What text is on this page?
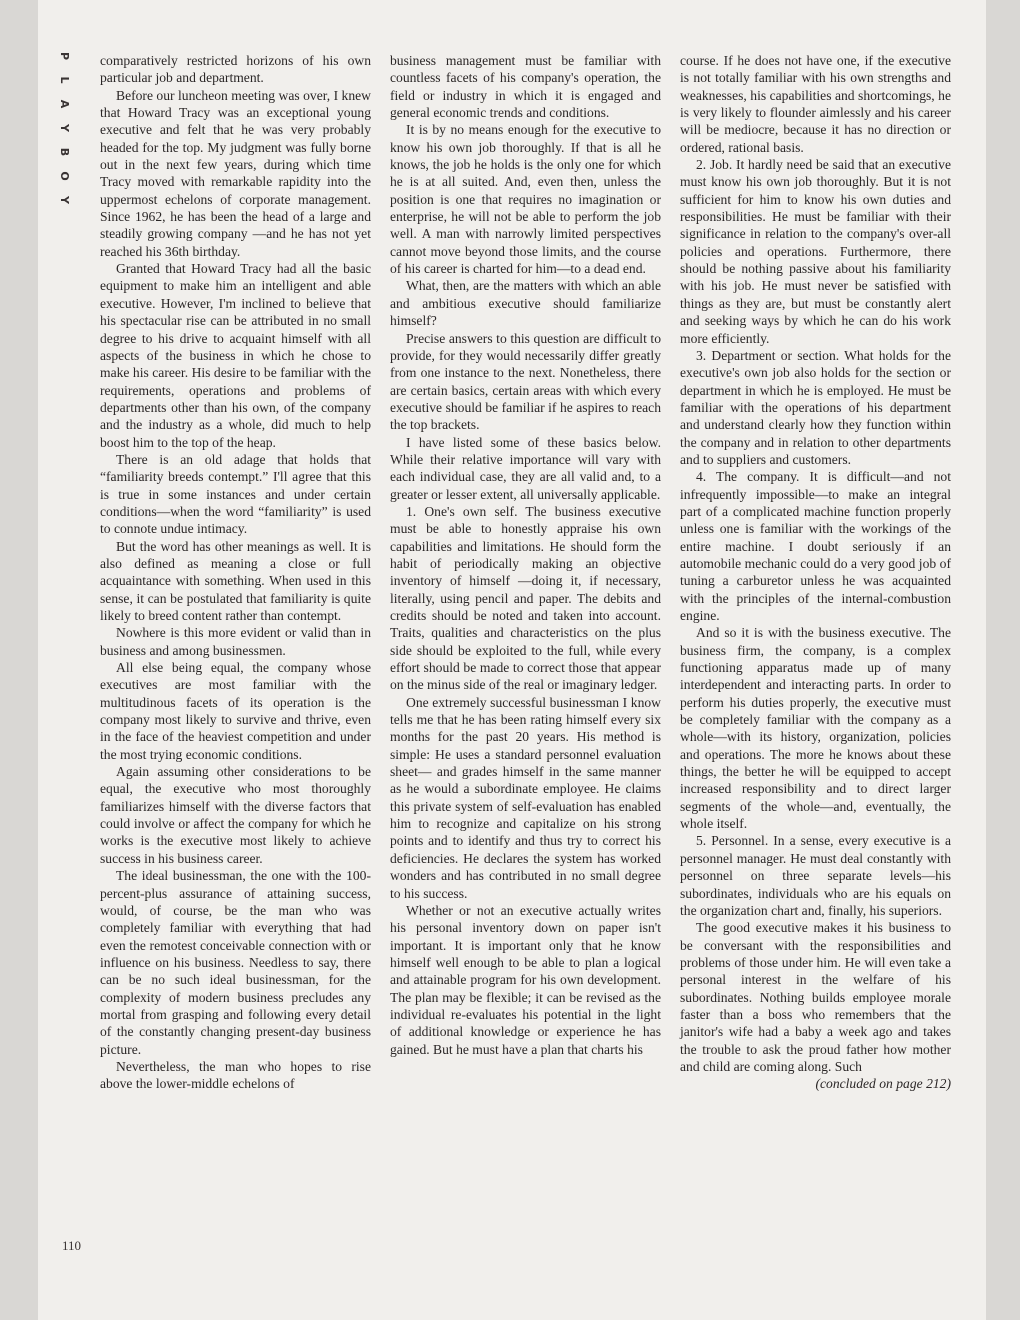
P
L
A
Y
B
O
Y

comparatively restricted horizons of his own particular job and department.

Before our luncheon meeting was over, I knew that Howard Tracy was an exceptional young executive and felt that he was very probably headed for the top. My judgment was fully borne out in the next few years, during which time Tracy moved with remarkable rapidity into the uppermost echelons of corporate management. Since 1962, he has been the head of a large and steadily growing company —and he has not yet reached his 36th birthday.

Granted that Howard Tracy had all the basic equipment to make him an intelligent and able executive. However, I'm inclined to believe that his spectacular rise can be attributed in no small degree to his drive to acquaint himself with all aspects of the business in which he chose to make his career. His desire to be familiar with the requirements, operations and problems of departments other than his own, of the company and the industry as a whole, did much to help boost him to the top of the heap.

There is an old adage that holds that “familiarity breeds contempt.” I'll agree that this is true in some instances and under certain conditions—when the word “familiarity” is used to connote undue intimacy.

But the word has other meanings as well. It is also defined as meaning a close or full acquaintance with something. When used in this sense, it can be postulated that familiarity is quite likely to breed content rather than contempt.

Nowhere is this more evident or valid than in business and among businessmen.

All else being equal, the company whose executives are most familiar with the multitudinous facets of its operation is the company most likely to survive and thrive, even in the face of the heaviest competition and under the most trying economic conditions.

Again assuming other considerations to be equal, the executive who most thoroughly familiarizes himself with the diverse factors that could involve or affect the company for which he works is the executive most likely to achieve success in his business career.

The ideal businessman, the one with the 100-percent-plus assurance of attaining success, would, of course, be the man who was completely familiar with everything that had even the remotest conceivable connection with or influence on his business. Needless to say, there can be no such ideal businessman, for the complexity of modern business precludes any mortal from grasping and following every detail of the constantly changing present-day business picture.

Nevertheless, the man who hopes to rise above the lower-middle echelons of

business management must be familiar with countless facets of his company's operation, the field or industry in which it is engaged and general economic trends and conditions.

It is by no means enough for the executive to know his own job thoroughly. If that is all he knows, the job he holds is the only one for which he is at all suited. And, even then, unless the position is one that requires no imagination or enterprise, he will not be able to perform the job well. A man with narrowly limited perspectives cannot move beyond those limits, and the course of his career is charted for him—to a dead end.

What, then, are the matters with which an able and ambitious executive should familiarize himself?

Precise answers to this question are difficult to provide, for they would necessarily differ greatly from one instance to the next. Nonetheless, there are certain basics, certain areas with which every executive should be familiar if he aspires to reach the top brackets.

I have listed some of these basics below. While their relative importance will vary with each individual case, they are all valid and, to a greater or lesser extent, all universally applicable.

1. One's own self. The business executive must be able to honestly appraise his own capabilities and limitations. He should form the habit of periodically making an objective inventory of himself —doing it, if necessary, literally, using pencil and paper. The debits and credits should be noted and taken into account. Traits, qualities and characteristics on the plus side should be exploited to the full, while every effort should be made to correct those that appear on the minus side of the real or imaginary ledger.

One extremely successful businessman I know tells me that he has been rating himself every six months for the past 20 years. His method is simple: He uses a standard personnel evaluation sheet— and grades himself in the same manner as he would a subordinate employee. He claims this private system of self-evaluation has enabled him to recognize and capitalize on his strong points and to identify and thus try to correct his deficiencies. He declares the system has worked wonders and has contributed in no small degree to his success.

Whether or not an executive actually writes his personal inventory down on paper isn't important. It is important only that he know himself well enough to be able to plan a logical and attainable program for his own development. The plan may be flexible; it can be revised as the individual re-evaluates his potential in the light of additional knowledge or experience he has gained. But he must have a plan that charts his

course. If he does not have one, if the executive is not totally familiar with his own strengths and weaknesses, his capabilities and shortcomings, he is very likely to flounder aimlessly and his career will be mediocre, because it has no direction or ordered, rational basis.

2. Job. It hardly need be said that an executive must know his own job thoroughly. But it is not sufficient for him to know his own duties and responsibilities. He must be familiar with their significance in relation to the company's over-all policies and operations. Furthermore, there should be nothing passive about his familiarity with his job. He must never be satisfied with things as they are, but must be constantly alert and seeking ways by which he can do his work more efficiently.

3. Department or section. What holds for the executive's own job also holds for the section or department in which he is employed. He must be familiar with the operations of his department and understand clearly how they function within the company and in relation to other departments and to suppliers and customers.

4. The company. It is difficult—and not infrequently impossible—to make an integral part of a complicated machine function properly unless one is familiar with the workings of the entire machine. I doubt seriously if an automobile mechanic could do a very good job of tuning a carburetor unless he was acquainted with the principles of the internal-combustion engine.

And so it is with the business executive. The business firm, the company, is a complex functioning apparatus made up of many interdependent and interacting parts. In order to perform his duties properly, the executive must be completely familiar with the company as a whole—with its history, organization, policies and operations. The more he knows about these things, the better he will be equipped to accept increased responsibility and to direct larger segments of the whole—and, eventually, the whole itself.

5. Personnel. In a sense, every executive is a personnel manager. He must deal constantly with personnel on three separate levels—his subordinates, individuals who are his equals on the organization chart and, finally, his superiors.

The good executive makes it his business to be conversant with the responsibilities and problems of those under him. He will even take a personal interest in the welfare of his subordinates. Nothing builds employee morale faster than a boss who remembers that the janitor's wife had a baby a week ago and takes the trouble to ask the proud father how mother and child are coming along. Such

(concluded on page 212)

110
